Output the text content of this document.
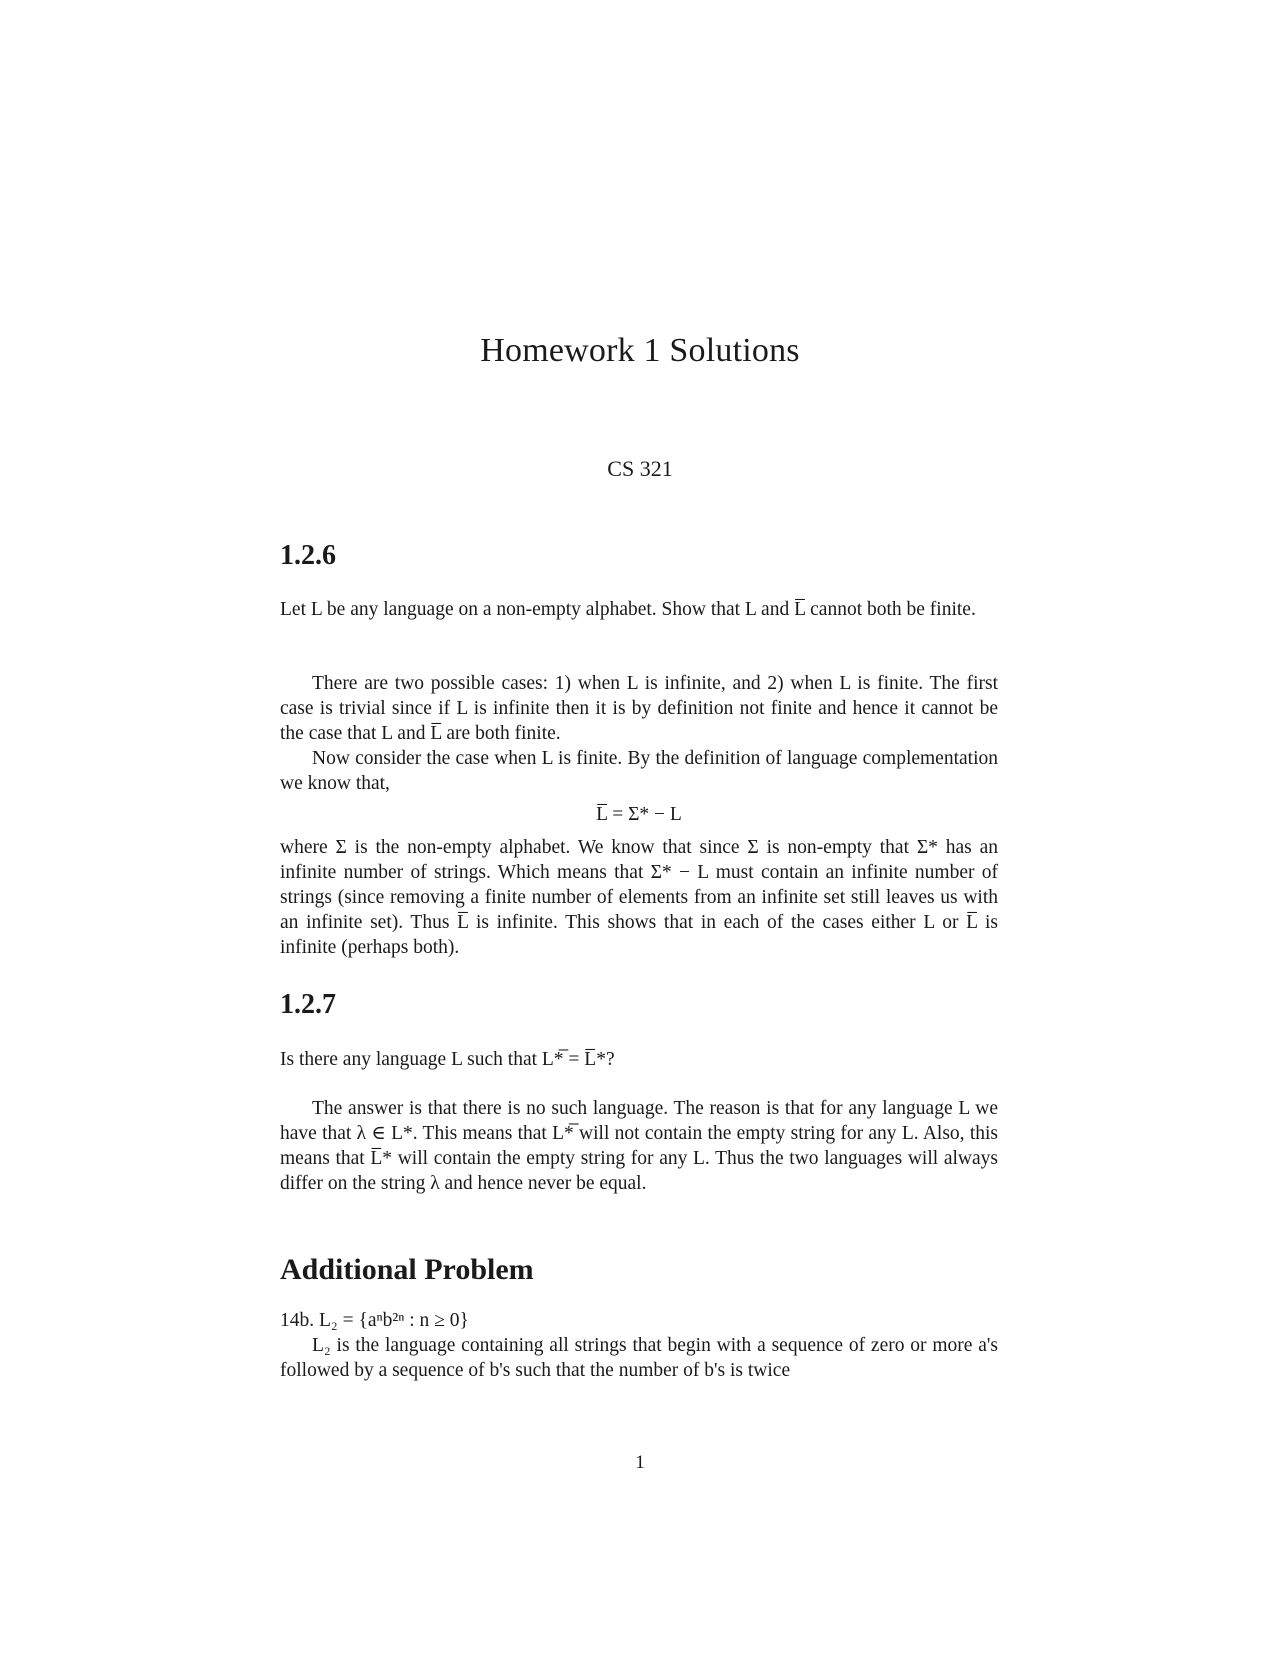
Homework 1 Solutions
CS 321
1.2.6

Let L be any language on a non-empty alphabet. Show that L and L̅ cannot both be finite.

There are two possible cases: 1) when L is infinite, and 2) when L is finite. The first case is trivial since if L is infinite then it is by definition not finite and hence it cannot be the case that L and L̅ are both finite.

Now consider the case when L is finite. By the definition of language complementation we know that,

L̅ = Σ* − L

where Σ is the non-empty alphabet. We know that since Σ is non-empty that Σ* has an infinite number of strings. Which means that Σ* − L must contain an infinite number of strings (since removing a finite number of elements from an infinite set still leaves us with an infinite set). Thus L̅ is infinite. This shows that in each of the cases either L or L̅ is infinite (perhaps both).

1.2.7

Is there any language L such that L*̅ = L̅*?

The answer is that there is no such language. The reason is that for any language L we have that λ ∈ L*. This means that L*̅ will not contain the empty string for any L. Also, this means that L̅* will contain the empty string for any L. Thus the two languages will always differ on the string λ and hence never be equal.

Additional Problem

14b. L₂ = {aⁿb²ⁿ : n ≥ 0}

L₂ is the language containing all strings that begin with a sequence of zero or more a's followed by a sequence of b's such that the number of b's is twice

1
